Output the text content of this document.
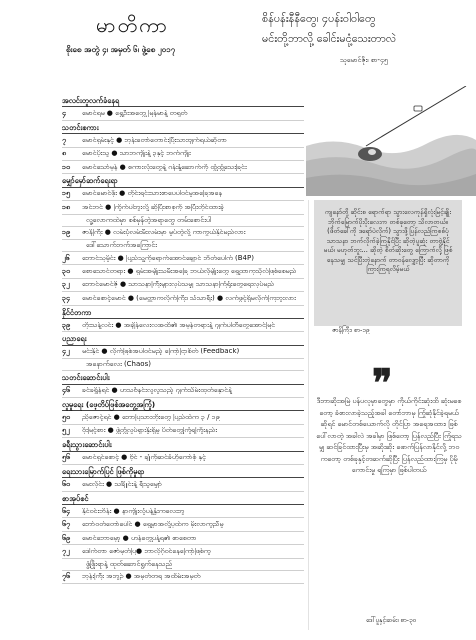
မာတိကာ
စိုးစေ အတွဲ ၄၊ အမှတ် ၆၊ ဖွဲ့စေ ၂၀၁၇
စိန်ပန်းနီနီတွေ၊ ၄ပန်းဝါဝါတွေ
မင်းတို့ဘာလို့ ခေါင်းမငုံ့သေးတာလဲ
သုမောင်ဇိုး၊ စာ-၄၅
အလင်းတူလက်ခံနေရ
၄	မောင်ရမ ● ရွှေဉီးအတွေ့ မြန်မာနဲ့ တရုတ်
သတင်းစကား
၇	မောင်ရှမ်းနှင့် ● ဘုန်းတော်တောင်းပြီးသားဗျက်ရယ်ဆိုတာ
၈	မောင်ပိုးသူ ● သာဘကျိုးနဲ့ ၃နှင့် ဘက်ကျိုး
၁၀	မောင်သော်မှန် ● စကားလုံးတွေနဲ့ ဂန်းနှံ့ဆောက်ကို ထွံ့ထွံ့သေးခြင်း
မျှော်မှော်ဆက်ရေးရာ
၁၅	မောင်မောင်ဖိုး ● တိုင်းရင်းသားစာပေပါဝင်မှုအခြေအနေ
၁၈	အင်ဘင် ● ကြိုက်ပါဘူးလို့ ဆိုပြီးစာစုကို အပြီးတိုင်ထားခဲ့
လူ့လောကထဲမှာ စစ်မှန်တဲ့အရာတွေ တမ်းစောင်းပါ
၁၉	ဇာနိကြီး ● လမ်းပုံလမ်းမီးလမ်းမှာ မှုပ်တဲ့လို့ ကာကွယ်နိုင်မည်လား
ဒေါ်သောက်ဘက်အကြောင်း
၂၆	ဘောင်သုမှိုင်း ● ပြည်သူ့ကိုရောက်အောင်ချောင် ဘိတ်ပေါက် (B4P)
၃၀	စောသောင်တရား ● ရှမ်းအမျိုးသမီးအခြေ ဘယ်လိုမျိုးတွေ ရှေ့ထာကုသိုလ်ဖြစ်စေမည်
၃၂	ဘောင်မောင်ဇို ● သာသနာကြီးများလုပ်သမျှ သာသနာကြံရုံးတွေရေးလုပ်မည်
၃၄	မောင်စောင့်မောင် ● (မေတ္တာကလိုက်ကြီး၊ သံသာရီး) ● လက်ဖွင့်ရှိမလိုက်ကြဘူးလား
နိုင်ငံတကာ
၃၉	တိုးသန့်လင်း ● အချိန်လေးလအထိ၏ အမှန်တရားနဲ့ ဂျက်ပါတီတွေအောင်မြင်
ပညာရေး
၄၂	မင်းနိုင် ● လိုက်ဖြစ်အပါဝင်မည့် ကြော်ငြာစိတ် (Feedback)
အနောက်လေး (Chaos)
သတင်းဆောင်းပါး
၄၆	ခင်ခရွိန်ရင် ● ဟသင်္ဗနင်းလူလူသည့် ဂျက်သိမ်းထုတ်နှောင်နဲ့
လူမှုရေး (ဖေ့တိပ်ဖြစ်အတွေ့အကြုံ)
၅၀	ညိုဇောင့်ရင် ● ဘောပြသားတိုးတွေ ပြည်ထဲက ၃ / ၁၉
၅၂	ဝိုးမြင့်စား ● ဖွဲ့တွံ့လှုပ်ရှားနှိုးရှိမှု ပိတ်တွေ့ကြုံရကြိုးနည်း
ခရီးသွားဆောင်းပါး
၅၆	မောင်ရှင်စောင့် ● ဗိုင် - ချုံကိုဆင်ခံဟိုကော်စုံ နှင့်
ရေးသားမြောက်ပြင် ဖြစ်ကိုမှုရာ
၆၀	မေးလိုင်း ● သင်္ချိုင်းနဲ့ ရီသူမျှော်
စာအုပ်စင်
၆၄	နိုင်ဝင်းဘိန်း ● နာကျိုးလှုံပန့်နှုံးကလေးဘူ
၆၇	ဘော်ဝတ်တော်ပေါင် ● ရှေ့မှာအလို့ပုထ်က မိုးလာကူညီမှု
၆၉	မောင်ဘောမှော့ ● ဟန်တွေ့ပန့်ရ၏ စာစေတာ
၇၂	ဒေါက်တာ ဇော်မှတ်ပြ● ဘာလိုဂိုဝင်နေကြော်ဖြစ်ကူ
ဖွံ့ဖြိုးရာနဲ့ ထုတ်ဆောင်ရွက်နေသည်
၇၆	ဘုန်းကြီး အဘူဥ် ● အမှတ်တရ အထိမ်းအမှတ်
ကျနော်တို့ ဆိုင်းစ ရောက်ရာ သွားလေကုန်ရှိလုံးမြင့်ချိုး ဘိုက်မြောက်ပိုးပိုးလေးက တစ်ခုတော့ သိလာတယ်။ (ဖိတ်ခေါ်ကို ဒရော်ပဲလိုက်) သွားဖို့ပြန်လည်ကြစစ်ပုံ သာသနာ ဘက်လိုက်ခဲ့ကြနိုင်ပြီး ဆိုတဲ့ပူဆုံး တာဗွဲ့နိုင်မယ်၊ မဟုတ်ဘူး... ဆိုတဲ့ စိတ်ဆိုးတွေ ကြောက်လို့ ဖြစ်နေသမျှ သင်ပြီးတဲ့နောက် တာဝန်လျှော့ပြီး ဆိုတာကို ကြားကြရလိမ့်မယ်
ဇာနိကြီး၊ စာ-၁၉
❞
ဒီဘာဆိုးအမြဲ ပန်ပလုမှာတွေမှာ ကိုယ်ကိုင်းဆုံးထိ ဆုံးမစေတော့ ခံစားလာခဲ့သည့်အခါ တော်ဘာမှ ကြုံဆုံနိုင်ခဲ့ရမယ် ဆိုရင် မောင်တစ်ယောက်လို တိုင်ပြာ အရေအထား၊ ဖြစ်ပေါ်လာတဲ့ အခါလဲ အခါမှာ ဖြစ်တော့ ပြန်လည်ပြီး ကြုံရသမျှ ဆင်ခြင်ထားပြီးမှ အဆိုးဆိုး ဖောက်ပြန်လာနိုင်လို့ ဘဝကတော့ တစ်ခုနှင့်တဆက်ဆိုပြီး ပြန်လည်ထားကြမှ ပိုမိုကောင်းမှု ရကြမှာ ဖြစ်ပါတယ်
ဒေါ်ပူနှင့်ဆမ်း၊ စာ-၃၀
